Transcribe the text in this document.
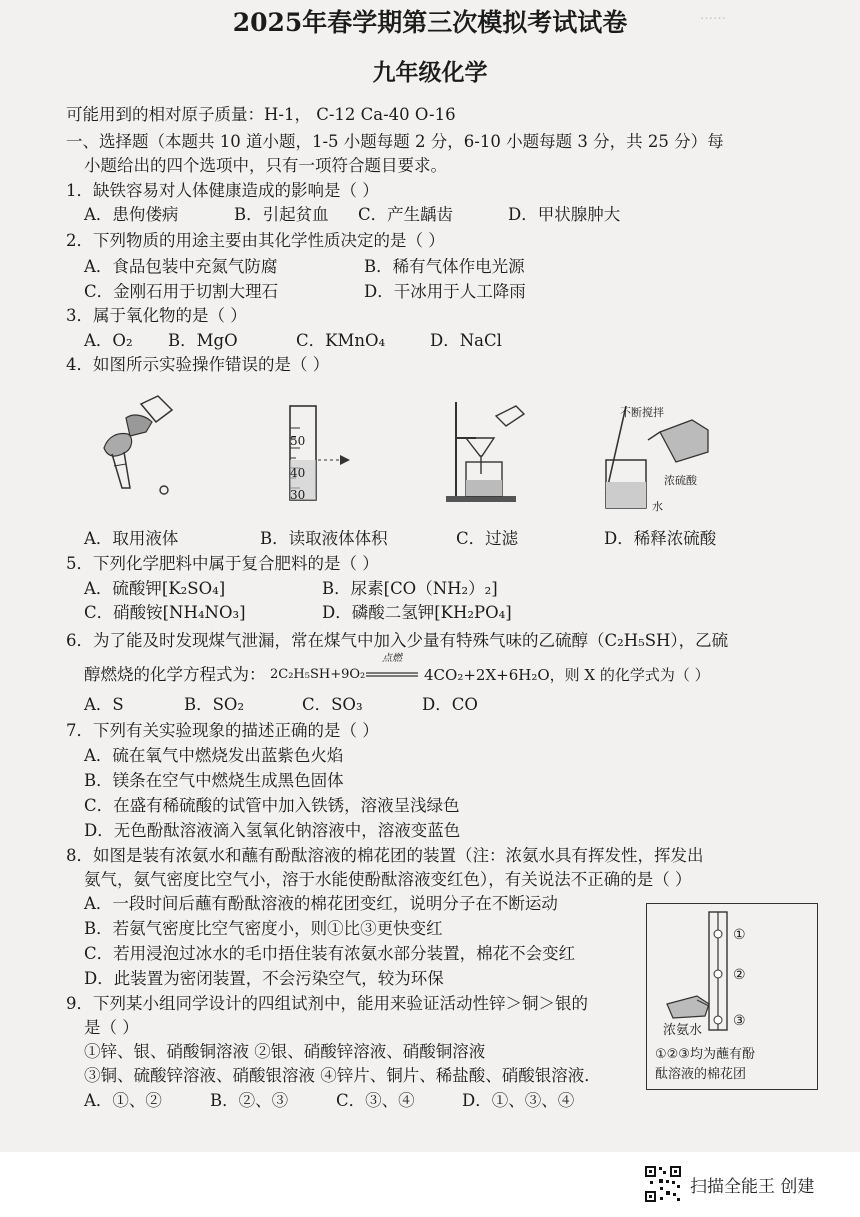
……
2025年春学期第三次模拟考试试卷
九年级化学
可能用到的相对原子质量：H-1， C-12 Ca-40 O-16
一、选择题（本题共 10 道小题，1-5 小题每题 2 分，6-10 小题每题 3 分，共 25 分）每
小题给出的四个选项中，只有一项符合题目要求。
1．缺铁容易对人体健康造成的影响是（ ）
A．患佝偻病	B．引起贫血 C．产生龋齿	D．甲状腺肿大
2．下列物质的用途主要由其化学性质决定的是（ ）
A．食品包装中充氮气防腐	B．稀有气体作电光源
C．金刚石用于切割大理石	D．干冰用于人工降雨
3．属于氧化物的是（ ）
A．O₂ B．MgO	C．KMnO₄	D．NaCl
4．如图所示实验操作错误的是（ ）
50
40
30
不断搅拌
浓硫酸
水
A．取用液体	B．读取液体体积	C．过滤	D．稀释浓硫酸
5．下列化学肥料中属于复合肥料的是（ ）
A．硫酸钾[K₂SO₄]	B．尿素[CO（NH₂）₂]
C．硝酸铵[NH₄NO₃]	D．磷酸二氢钾[KH₂PO₄]
6．为了能及时发现煤气泄漏，常在煤气中加入少量有特殊气味的乙硫醇（C₂H₅SH），乙硫
醇燃烧的化学方程式为： 2C₂H₅SH+9O₂
点燃
4CO₂+2X+6H₂O，则 X 的化学式为（ ）
A．S	B．SO₂	C．SO₃	D．CO
7．下列有关实验现象的描述正确的是（ ）
A．硫在氧气中燃烧发出蓝紫色火焰
B．镁条在空气中燃烧生成黑色固体
C．在盛有稀硫酸的试管中加入铁锈，溶液呈浅绿色
D．无色酚酞溶液滴入氢氧化钠溶液中，溶液变蓝色
8．如图是装有浓氨水和蘸有酚酞溶液的棉花团的装置（注：浓氨水具有挥发性，挥发出
氨气，氨气密度比空气小，溶于水能使酚酞溶液变红色），有关说法不正确的是（ ）
A．一段时间后蘸有酚酞溶液的棉花团变红，说明分子在不断运动
B．若氨气密度比空气密度小，则①比③更快变红
C．若用浸泡过冰水的毛巾捂住装有浓氨水部分装置，棉花不会变红
D．此装置为密闭装置，不会污染空气，较为环保
①
②
③
浓氨水
①②③均为蘸有酚
酞溶液的棉花团
9．下列某小组同学设计的四组试剂中，能用来验证活动性锌＞铜＞银的
是（ ）
①锌、银、硝酸铜溶液 ②银、硝酸锌溶液、硝酸铜溶液
③铜、硫酸锌溶液、硝酸银溶液 ④锌片、铜片、稀盐酸、硝酸银溶液．
A．①、②	B．②、③	C．③、④	D．①、③、④
扫描全能王 创建
